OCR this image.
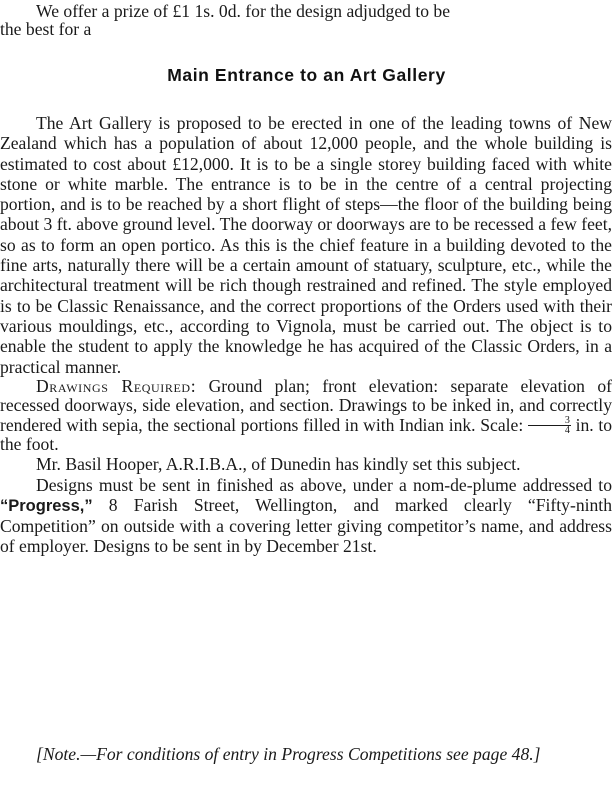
We offer a prize of £1 1s. 0d. for the design adjudged to be
the best for a
Main Entrance to an Art Gallery

The Art Gallery is proposed to be erected in one of the leading towns of New Zealand which has a population of about 12,000 people, and the whole building is estimated to cost about £12,000. It is to be a single storey building faced with white stone or white marble. The entrance is to be in the centre of a central projecting portion, and is to be reached by a short flight of steps—the floor of the building being about 3 ft. above ground level. The doorway or doorways are to be recessed a few feet, so as to form an open portico. As this is the chief feature in a building devoted to the fine arts, naturally there will be a certain amount of statuary, sculpture, etc., while the architectural treatment will be rich though restrained and refined. The style employed is to be Classic Renaissance, and the correct proportions of the Orders used with their various mouldings, etc., according to Vignola, must be carried out. The object is to enable the student to apply the knowledge he has acquired of the Classic Orders, in a practical manner.

Drawings Required: Ground plan; front elevation: separate elevation of recessed doorways, side elevation, and section. Drawings to be inked in, and correctly rendered with sepia, the sectional portions filled in with Indian ink. Scale: $\frac{3}{4}$ in. to the foot.

Mr. Basil Hooper, A.R.I.B.A., of Dunedin has kindly set this subject.

Designs must be sent in finished as above, under a nom-de-plume addressed to “Progress,” 8 Farish Street, Wellington, and marked clearly “Fifty-ninth Competition” on outside with a covering letter giving competitor’s name, and address of employer. Designs to be sent in by December 21st.

[Note.—For conditions of entry in Progress Competitions see page 48.]
